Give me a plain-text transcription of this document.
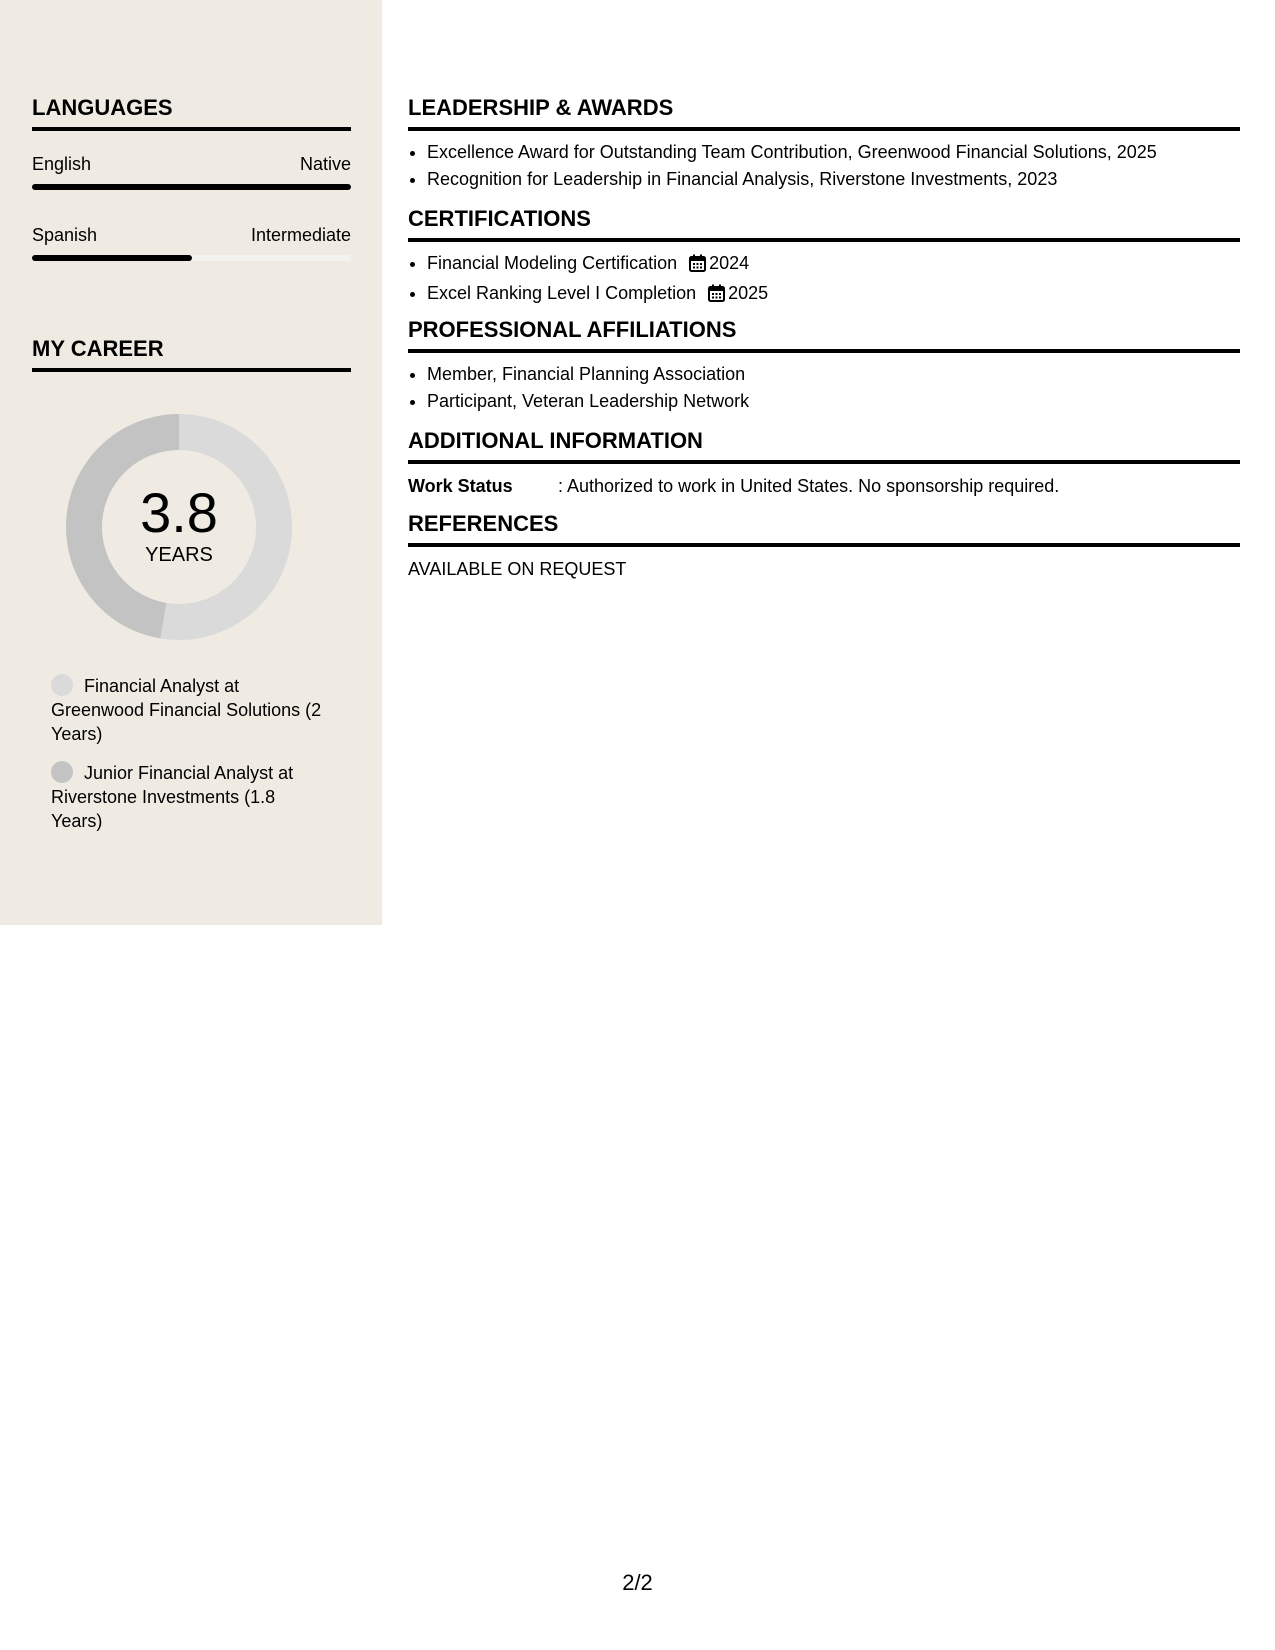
LANGUAGES
English	Native
Spanish	Intermediate
MY CAREER
3.8
YEARS
Financial Analyst at Greenwood Financial Solutions (2 Years)
Junior Financial Analyst at Riverstone Investments (1.8 Years)
LEADERSHIP & AWARDS
• Excellence Award for Outstanding Team Contribution, Greenwood Financial Solutions, 2025
• Recognition for Leadership in Financial Analysis, Riverstone Investments, 2023
CERTIFICATIONS
• Financial Modeling Certification 2024
• Excel Ranking Level I Completion 2025
PROFESSIONAL AFFILIATIONS
• Member, Financial Planning Association
• Participant, Veteran Leadership Network
ADDITIONAL INFORMATION
Work Status	: Authorized to work in United States. No sponsorship required.
REFERENCES
AVAILABLE ON REQUEST
2/2
